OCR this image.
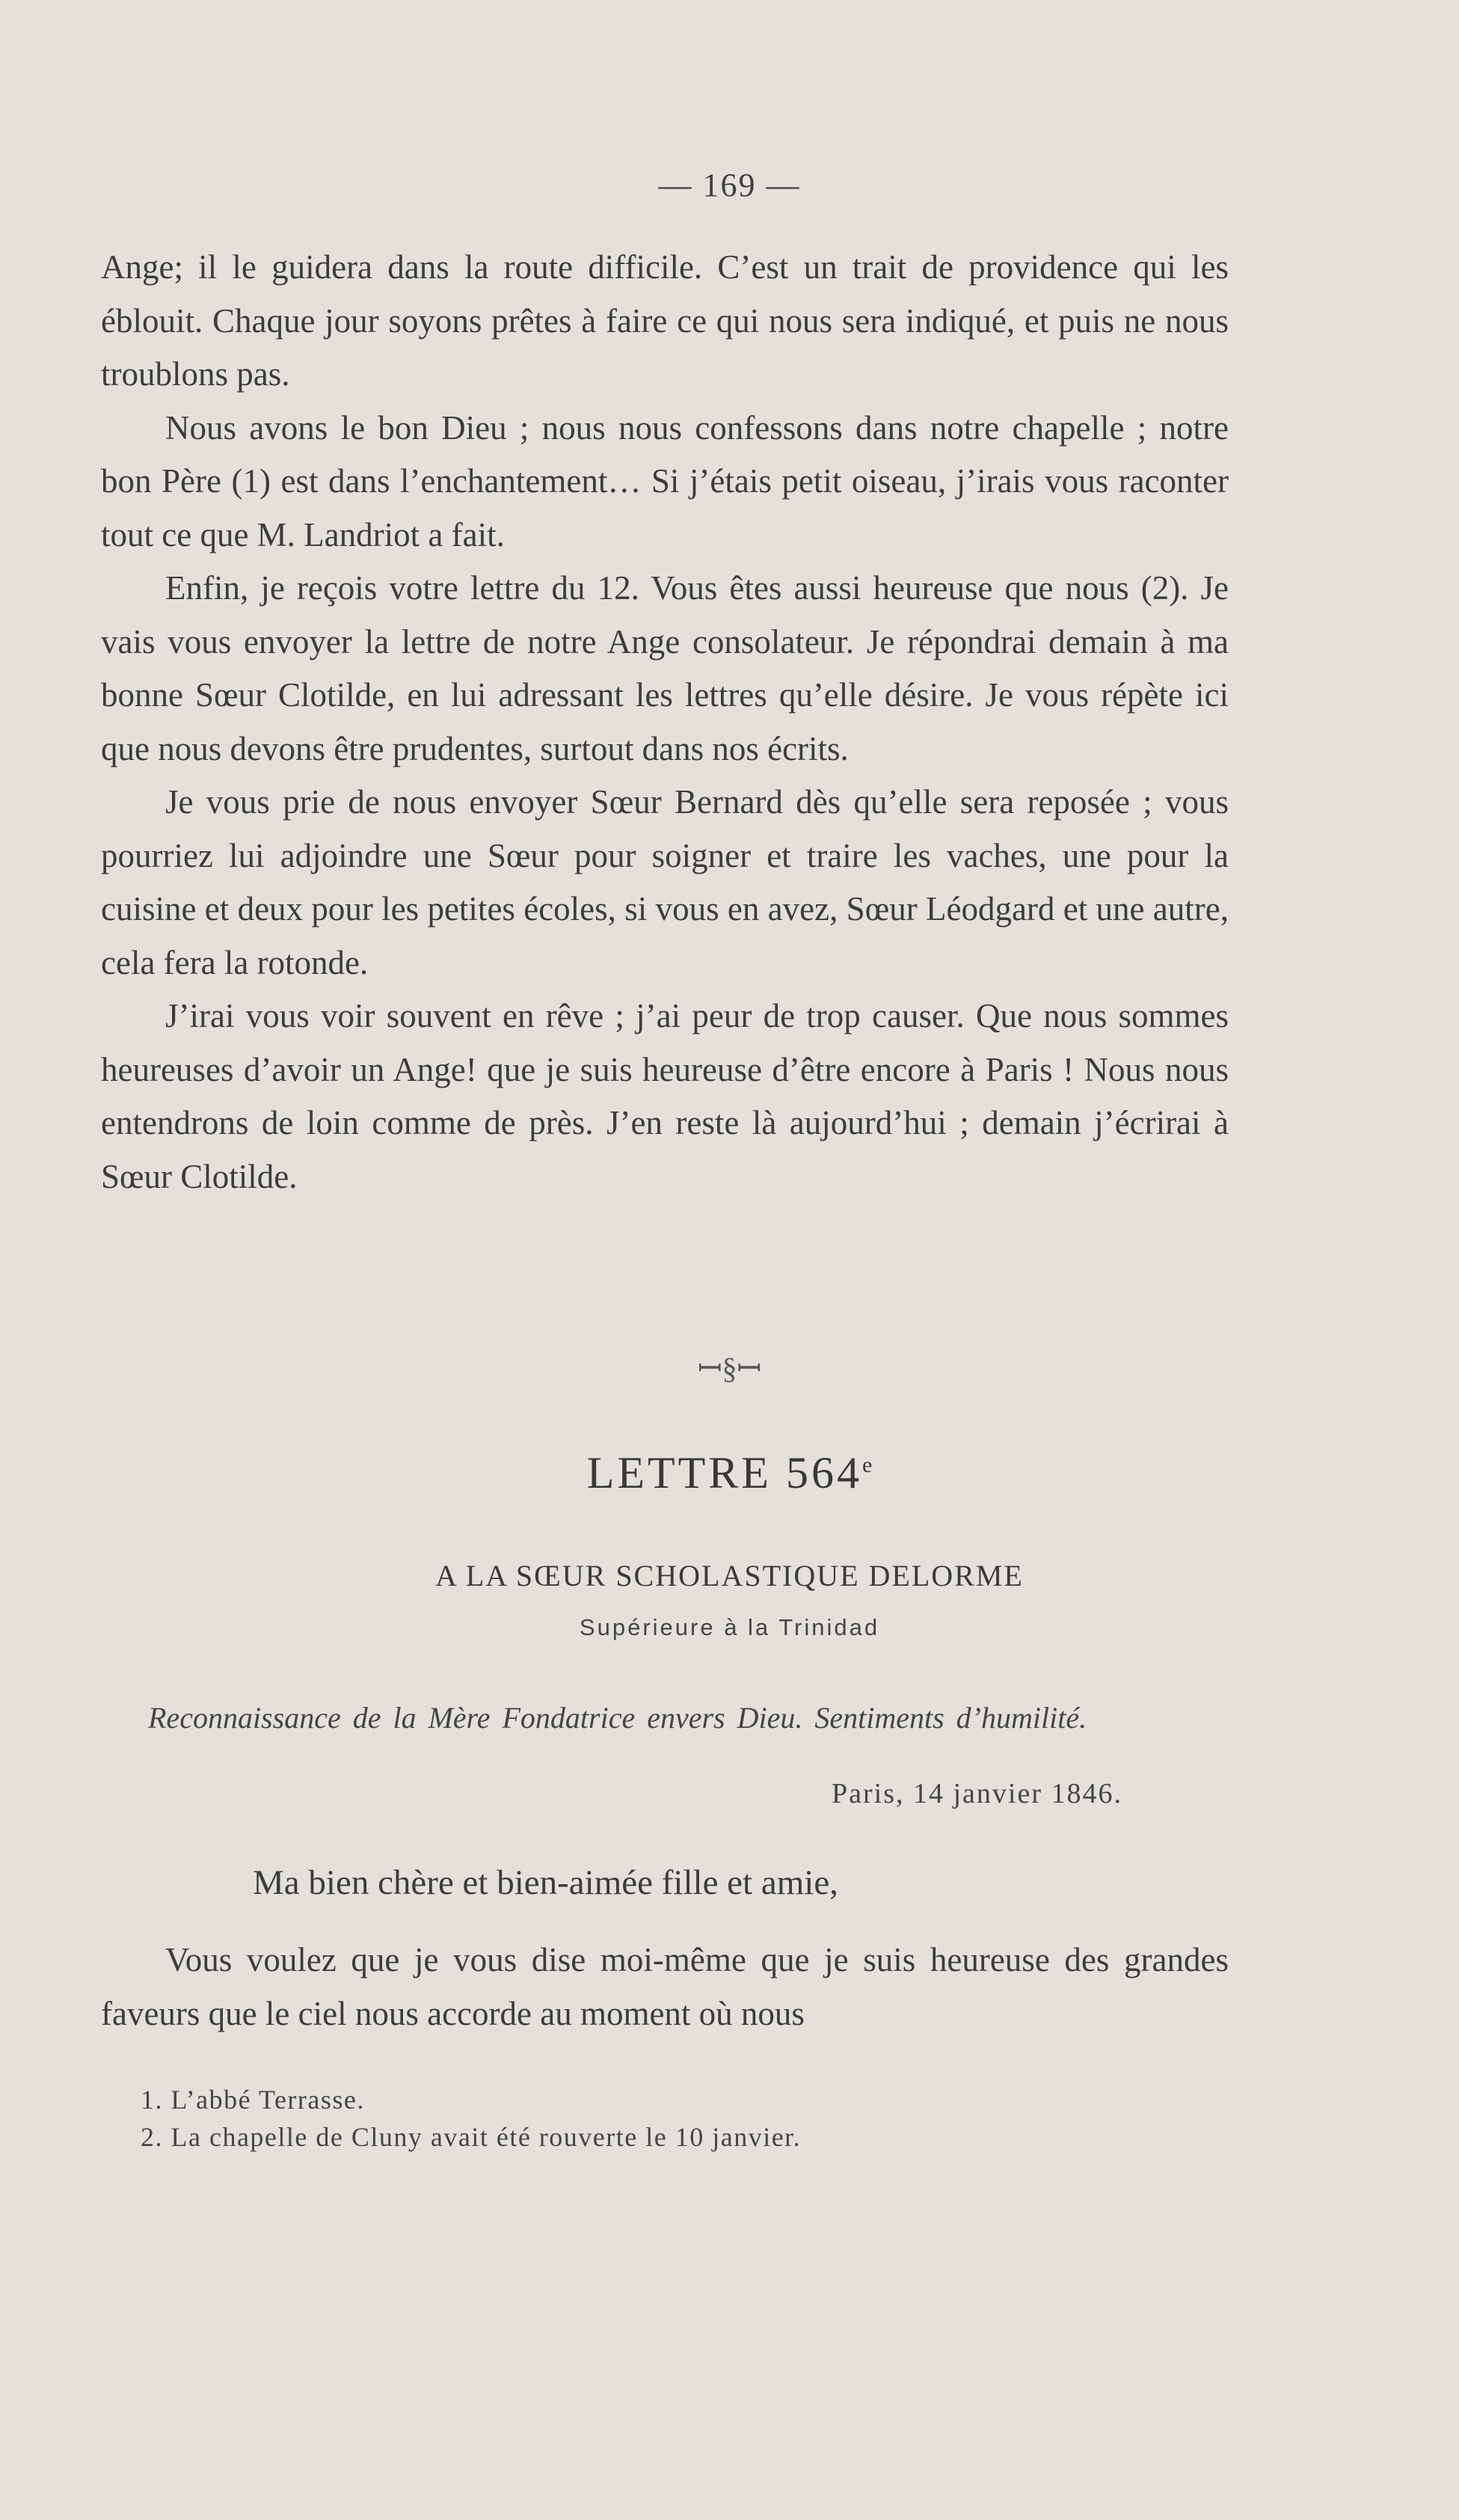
— 169 —

Ange; il le guidera dans la route difficile. C’est un trait de providence qui les éblouit. Chaque jour soyons prêtes à faire ce qui nous sera indiqué, et puis ne nous troublons pas.

Nous avons le bon Dieu ; nous nous confessons dans notre chapelle ; notre bon Père (1) est dans l’enchantement… Si j’étais petit oiseau, j’irais vous raconter tout ce que M. Landriot a fait.

Enfin, je reçois votre lettre du 12. Vous êtes aussi heureuse que nous (2). Je vais vous envoyer la lettre de notre Ange consolateur. Je répondrai demain à ma bonne Sœur Clotilde, en lui adressant les lettres qu’elle désire. Je vous répète ici que nous devons être prudentes, surtout dans nos écrits.

Je vous prie de nous envoyer Sœur Bernard dès qu’elle sera reposée ; vous pourriez lui adjoindre une Sœur pour soigner et traire les vaches, une pour la cuisine et deux pour les petites écoles, si vous en avez, Sœur Léodgard et une autre, cela fera la rotonde.

J’irai vous voir souvent en rêve ; j’ai peur de trop causer. Que nous sommes heureuses d’avoir un Ange! que je suis heureuse d’être encore à Paris ! Nous nous entendrons de loin comme de près. J’en reste là aujourd’hui ; demain j’écrirai à Sœur Clotilde.

ꟷ§ꟷ
LETTRE 564e
A LA SŒUR SCHOLASTIQUE DELORME
Supérieure à la Trinidad

Reconnaissance de la Mère Fondatrice envers Dieu. Sentiments d’humilité.

Paris, 14 janvier 1846.
Ma bien chère et bien-aimée fille et amie,

Vous voulez que je vous dise moi-même que je suis heureuse des grandes faveurs que le ciel nous accorde au moment où nous

1. L’abbé Terrasse.

2. La chapelle de Cluny avait été rouverte le 10 janvier.
